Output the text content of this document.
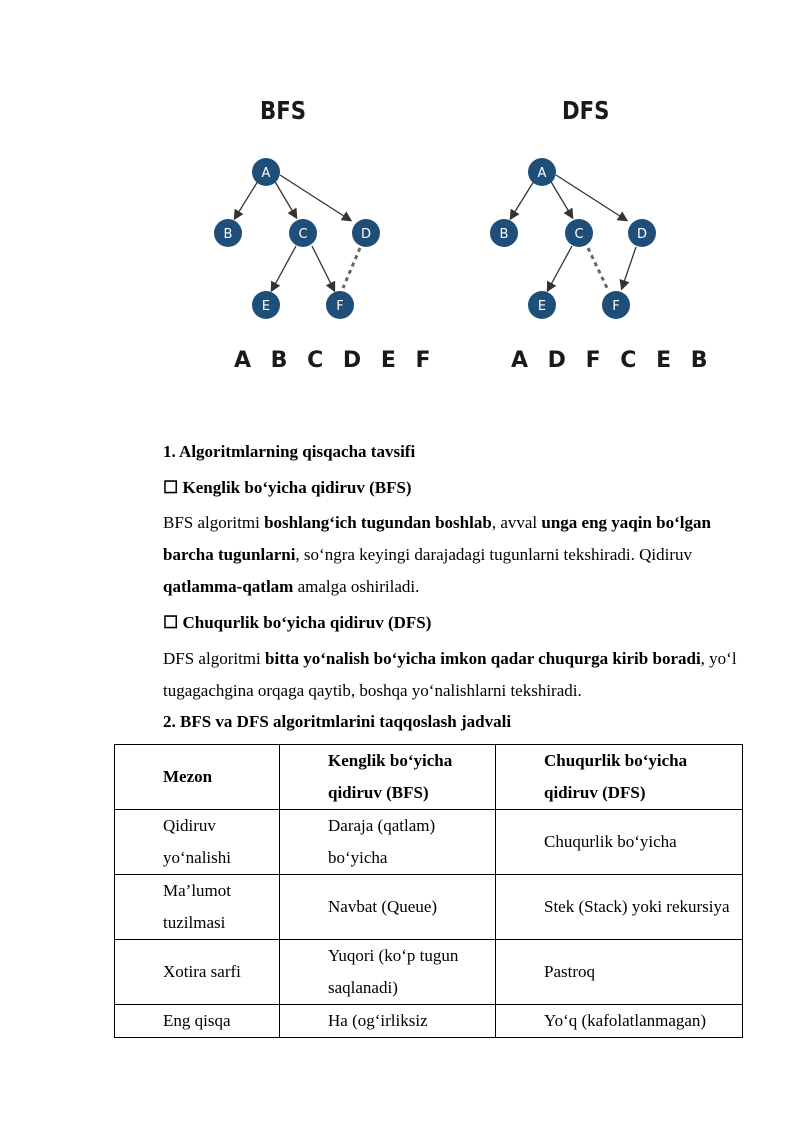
BFS	DFS
A
B	C	D
E	F
A
B	C	D
E	F
A B C D E F	A D F C E B
1. Algoritmlarning qisqacha tavsifi
☐ Kenglik bo‘yicha qidiruv (BFS)
BFS algoritmi boshlang‘ich tugundan boshlab, avval unga eng yaqin bo‘lgan barcha tugunlarni, so‘ngra keyingi darajadagi tugunlarni tekshiradi. Qidiruv qatlamma-qatlam amalga oshiriladi.
☐ Chuqurlik bo‘yicha qidiruv (DFS)
DFS algoritmi bitta yo‘nalish bo‘yicha imkon qadar chuqurga kirib boradi, yo‘l tugagachgina orqaga qaytib, boshqa yo‘nalishlarni tekshiradi.
2. BFS va DFS algoritmlarini taqqoslash jadvali
Mezon	Kenglik bo‘yicha qidiruv (BFS)	Chuqurlik bo‘yicha qidiruv (DFS)
Qidiruv yo‘nalishi	Daraja (qatlam) bo‘yicha	Chuqurlik bo‘yicha
Ma’lumot tuzilmasi	Navbat (Queue)	Stek (Stack) yoki rekursiya
Xotira sarfi	Yuqori (ko‘p tugun saqlanadi)	Pastroq
Eng qisqa	Ha (og‘irliksiz	Yo‘q (kafolatlanmagan)
